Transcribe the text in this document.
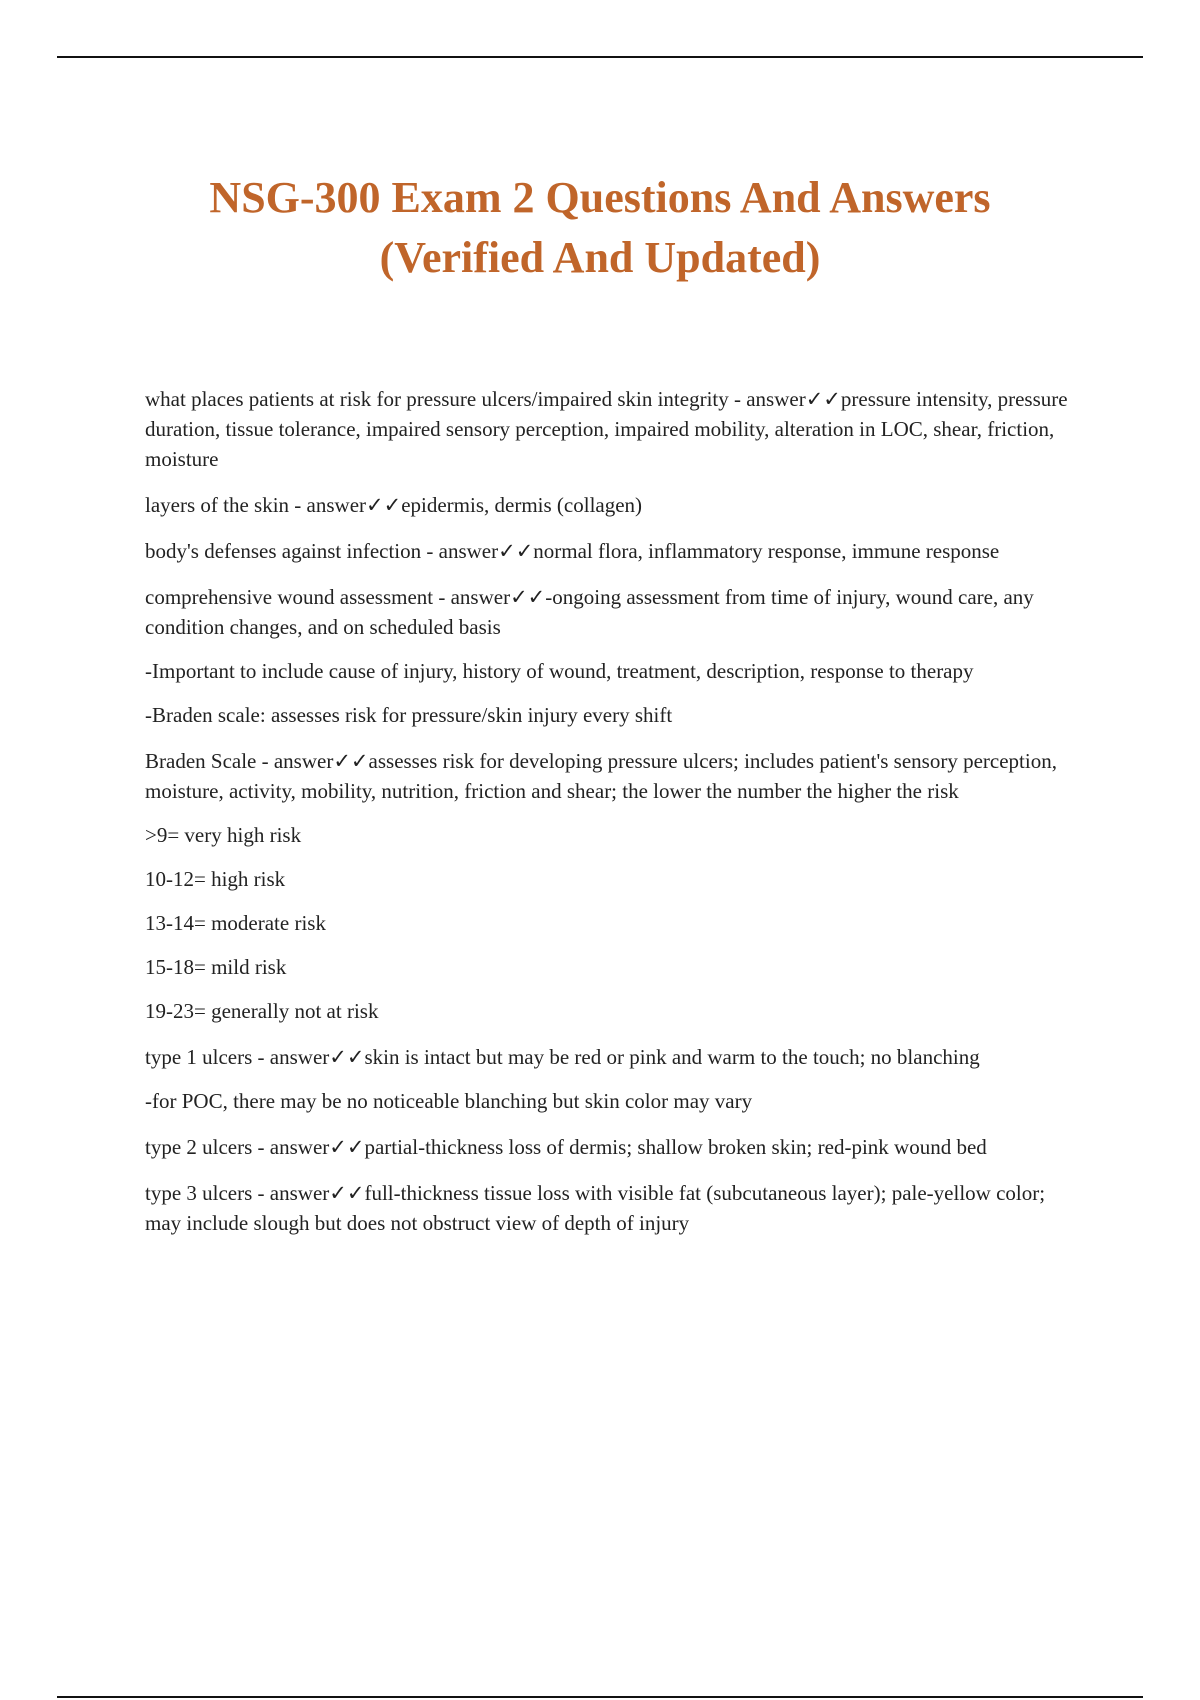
NSG-300 Exam 2 Questions And Answers
(Verified And Updated)

what places patients at risk for pressure ulcers/impaired skin integrity - answer✓✓pressure intensity, pressure duration, tissue tolerance, impaired sensory perception, impaired mobility, alteration in LOC, shear, friction, moisture

layers of the skin - answer✓✓epidermis, dermis (collagen)

body's defenses against infection - answer✓✓normal flora, inflammatory response, immune response

comprehensive wound assessment - answer✓✓-ongoing assessment from time of injury, wound care, any condition changes, and on scheduled basis

-Important to include cause of injury, history of wound, treatment, description, response to therapy

-Braden scale: assesses risk for pressure/skin injury every shift

Braden Scale - answer✓✓assesses risk for developing pressure ulcers; includes patient's sensory perception, moisture, activity, mobility, nutrition, friction and shear; the lower the number the higher the risk

>9= very high risk

10-12= high risk

13-14= moderate risk

15-18= mild risk

19-23= generally not at risk

type 1 ulcers - answer✓✓skin is intact but may be red or pink and warm to the touch; no blanching

-for POC, there may be no noticeable blanching but skin color may vary

type 2 ulcers - answer✓✓partial-thickness loss of dermis; shallow broken skin; red-pink wound bed

type 3 ulcers - answer✓✓full-thickness tissue loss with visible fat (subcutaneous layer); pale-yellow color; may include slough but does not obstruct view of depth of injury
